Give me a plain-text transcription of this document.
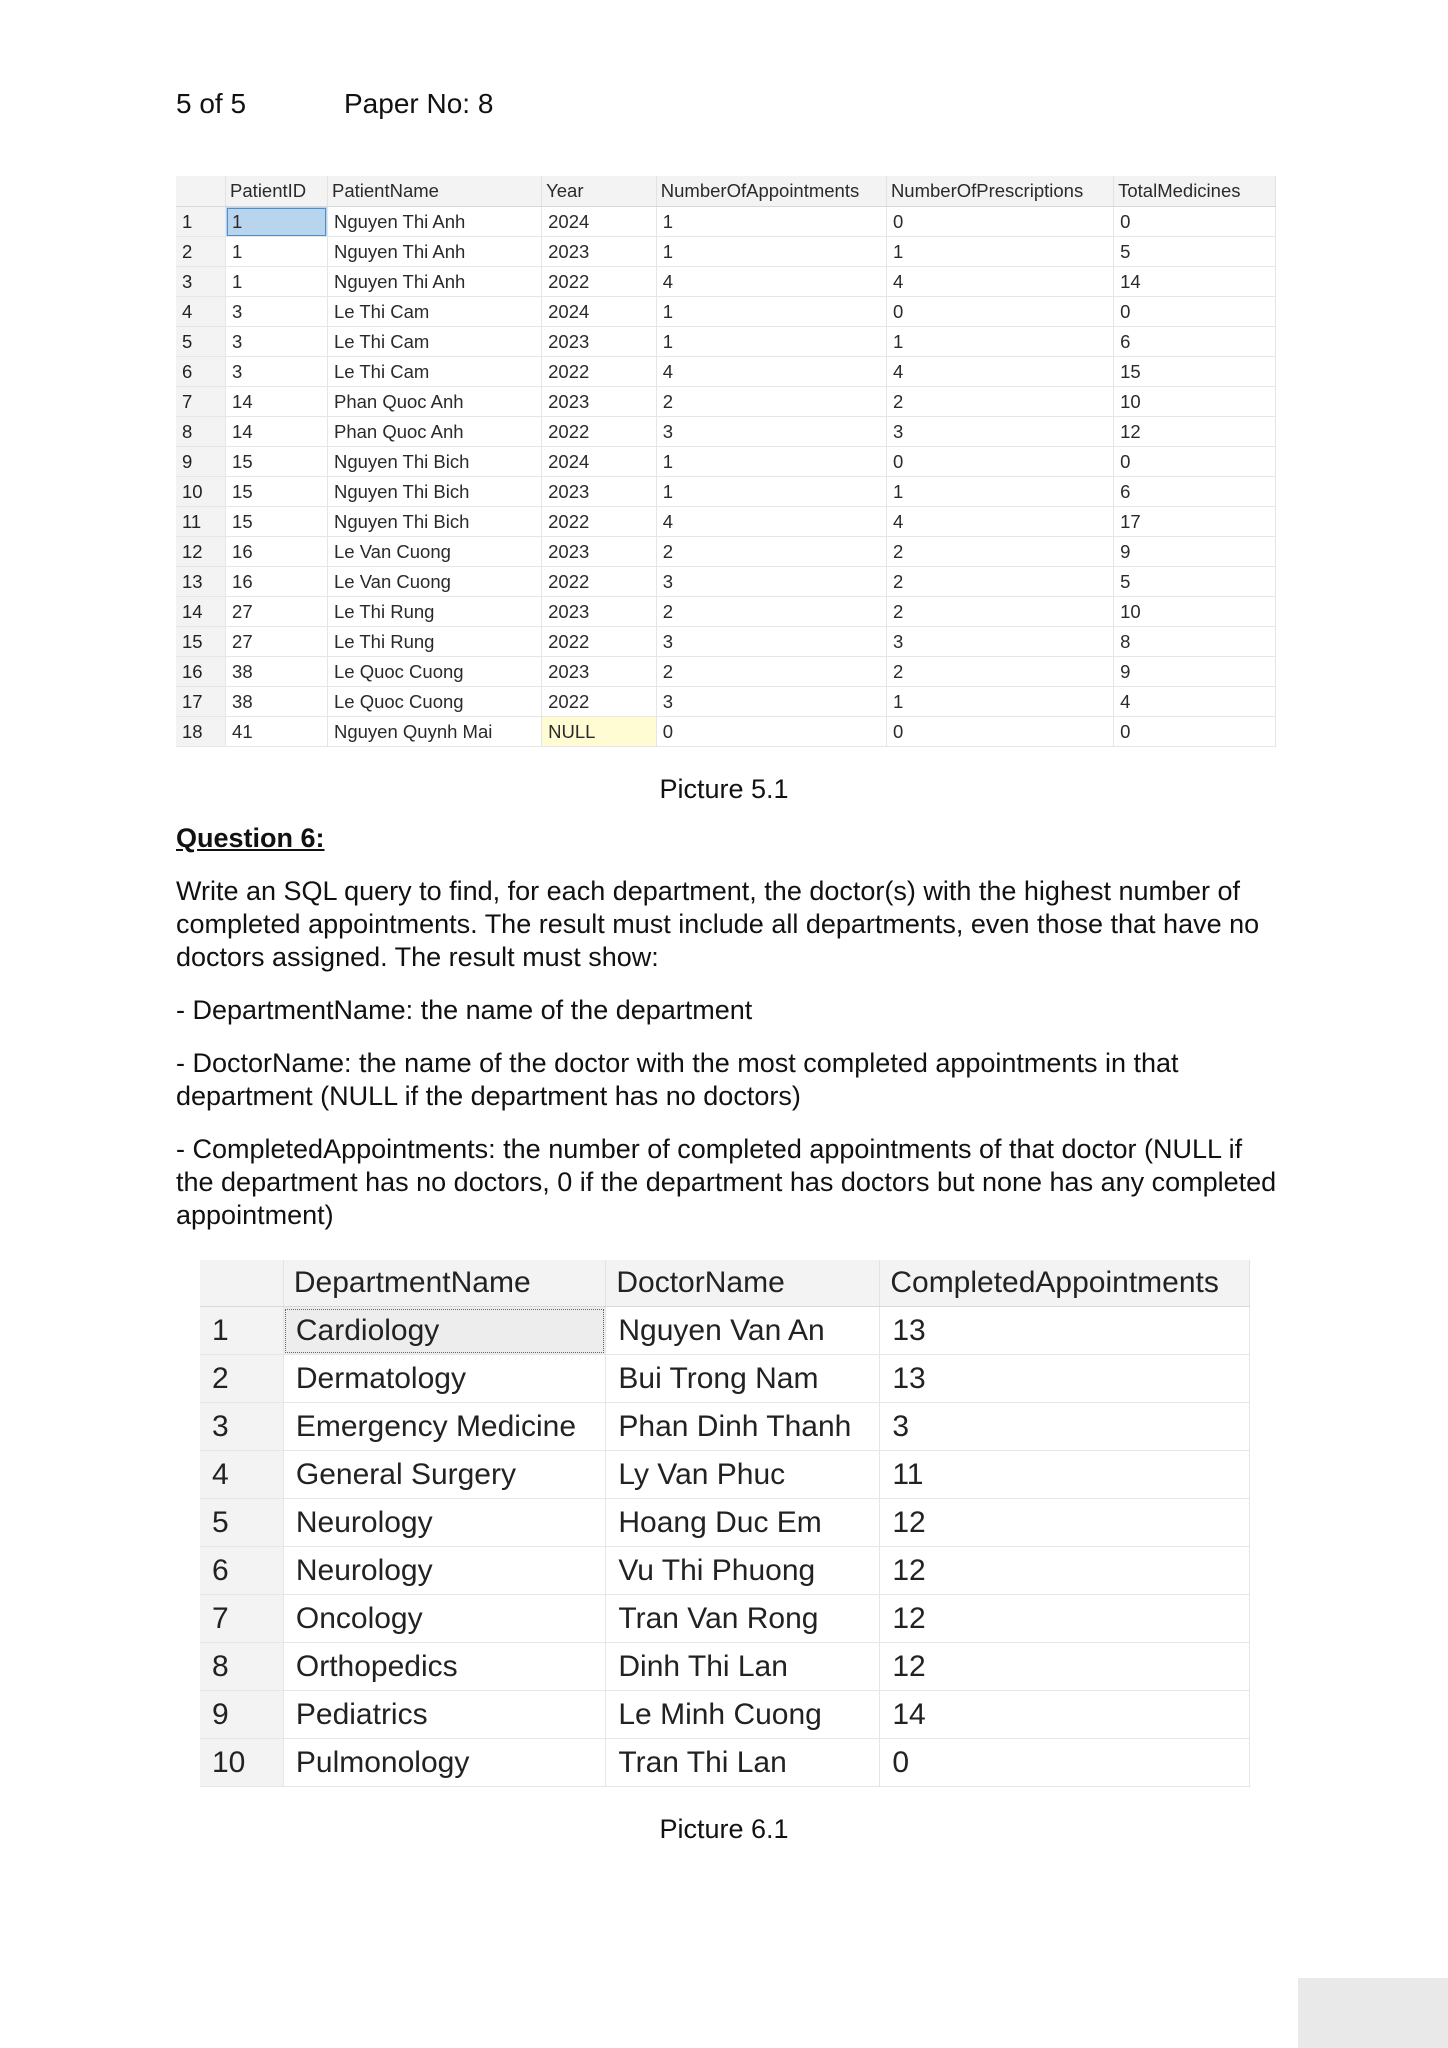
5 of 5	Paper No: 8
	PatientID	PatientName	Year	NumberOfAppointments	NumberOfPrescriptions	TotalMedicines
1	1	Nguyen Thi Anh	2024	1	0	0
2	1	Nguyen Thi Anh	2023	1	1	5
3	1	Nguyen Thi Anh	2022	4	4	14
4	3	Le Thi Cam	2024	1	0	0
5	3	Le Thi Cam	2023	1	1	6
6	3	Le Thi Cam	2022	4	4	15
7	14	Phan Quoc Anh	2023	2	2	10
8	14	Phan Quoc Anh	2022	3	3	12
9	15	Nguyen Thi Bich	2024	1	0	0
10	15	Nguyen Thi Bich	2023	1	1	6
11	15	Nguyen Thi Bich	2022	4	4	17
12	16	Le Van Cuong	2023	2	2	9
13	16	Le Van Cuong	2022	3	2	5
14	27	Le Thi Rung	2023	2	2	10
15	27	Le Thi Rung	2022	3	3	8
16	38	Le Quoc Cuong	2023	2	2	9
17	38	Le Quoc Cuong	2022	3	1	4
18	41	Nguyen Quynh Mai	NULL	0	0	0
Picture 5.1
Question 6:

Write an SQL query to find, for each department, the doctor(s) with the highest number of completed appointments. The result must include all departments, even those that have no doctors assigned. The result must show:

- DepartmentName: the name of the department

- DoctorName: the name of the doctor with the most completed appointments in that department (NULL if the department has no doctors)

- CompletedAppointments: the number of completed appointments of that doctor (NULL if the department has no doctors, 0 if the department has doctors but none has any completed appointment)

	DepartmentName	DoctorName	CompletedAppointments
1	Cardiology	Nguyen Van An	13
2	Dermatology	Bui Trong Nam	13
3	Emergency Medicine	Phan Dinh Thanh	3
4	General Surgery	Ly Van Phuc	11
5	Neurology	Hoang Duc Em	12
6	Neurology	Vu Thi Phuong	12
7	Oncology	Tran Van Rong	12
8	Orthopedics	Dinh Thi Lan	12
9	Pediatrics	Le Minh Cuong	14
10	Pulmonology	Tran Thi Lan	0
Picture 6.1
